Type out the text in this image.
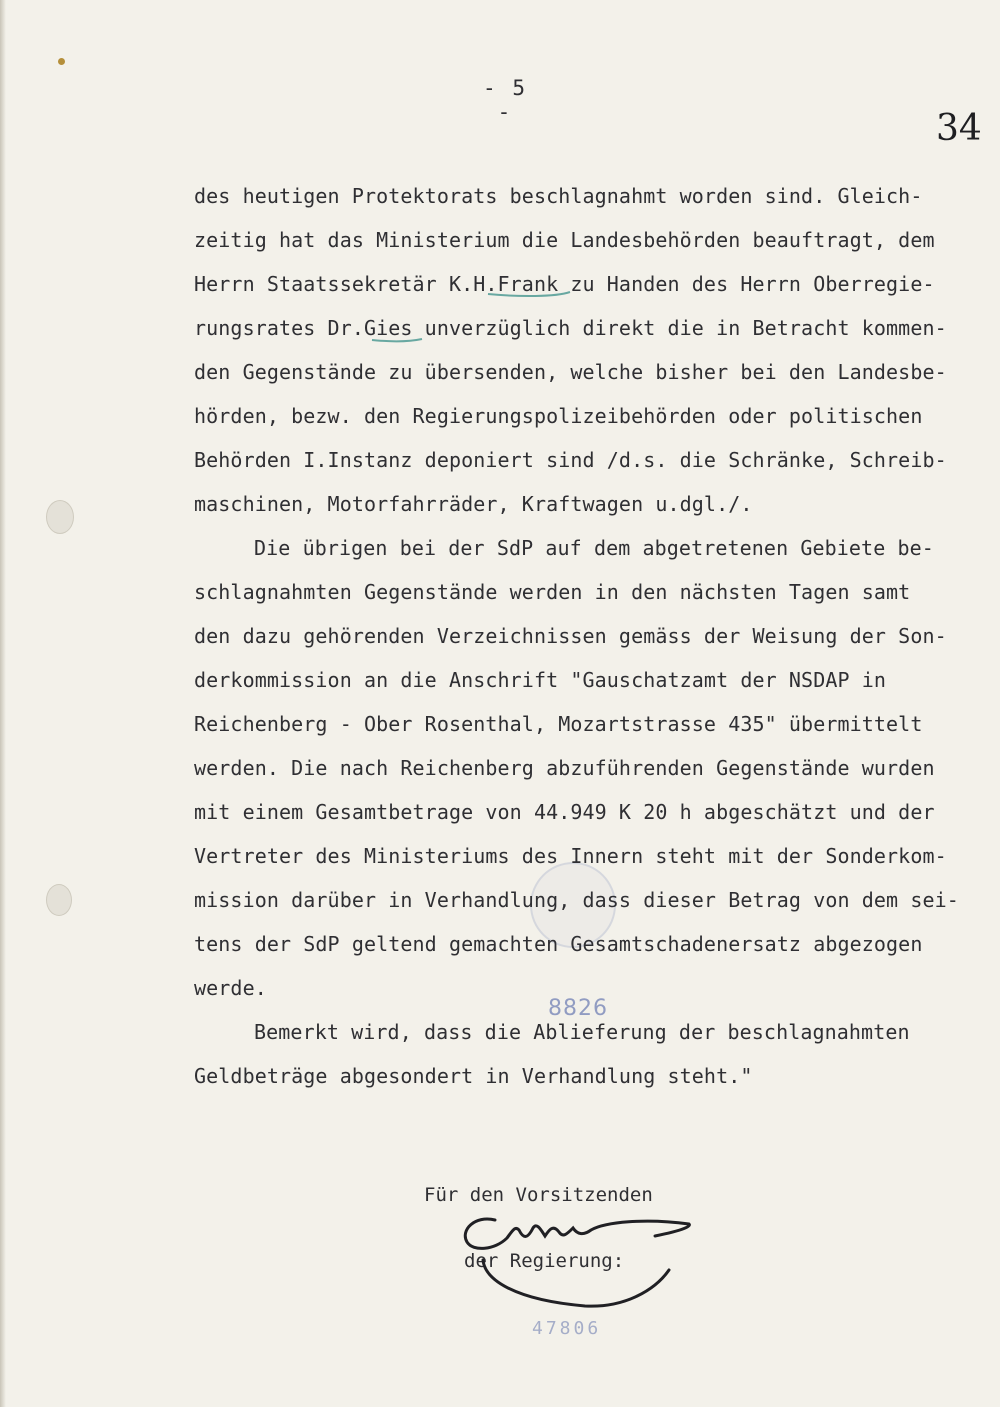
- 5 -	34
des heutigen Protektorats beschlagnahmt worden sind. Gleich-
zeitig hat das Ministerium die Landesbehörden beauftragt, dem
Herrn Staatssekretär K.H.Frank zu Handen des Herrn Oberregie-
rungsrates Dr.Gies unverzüglich direkt die in Betracht kommen-
den Gegenstände zu übersenden, welche bisher bei den Landesbe-
hörden, bezw. den Regierungspolizeibehörden oder politischen
Behörden I.Instanz deponiert sind /d.s. die Schränke, Schreib-
maschinen, Motorfahrräder, Kraftwagen u.dgl./.
Die übrigen bei der SdP auf dem abgetretenen Gebiete be-
schlagnahmten Gegenstände werden in den nächsten Tagen samt
den dazu gehörenden Verzeichnissen gemäss der Weisung der Son-
derkommission an die Anschrift "Gauschatzamt der NSDAP in
Reichenberg - Ober Rosenthal, Mozartstrasse 435" übermittelt
werden. Die nach Reichenberg abzuführenden Gegenstände wurden
mit einem Gesamtbetrage von 44.949 K 20 h abgeschätzt und der
Vertreter des Ministeriums des Innern steht mit der Sonderkom-
mission darüber in Verhandlung, dass dieser Betrag von dem sei-
tens der SdP geltend gemachten Gesamtschadenersatz abgezogen
werde.
Bemerkt wird, dass die Ablieferung der beschlagnahmten
Geldbeträge abgesondert in Verhandlung steht."
8826

Für den Vorsitzenden

der Regierung:

47806
